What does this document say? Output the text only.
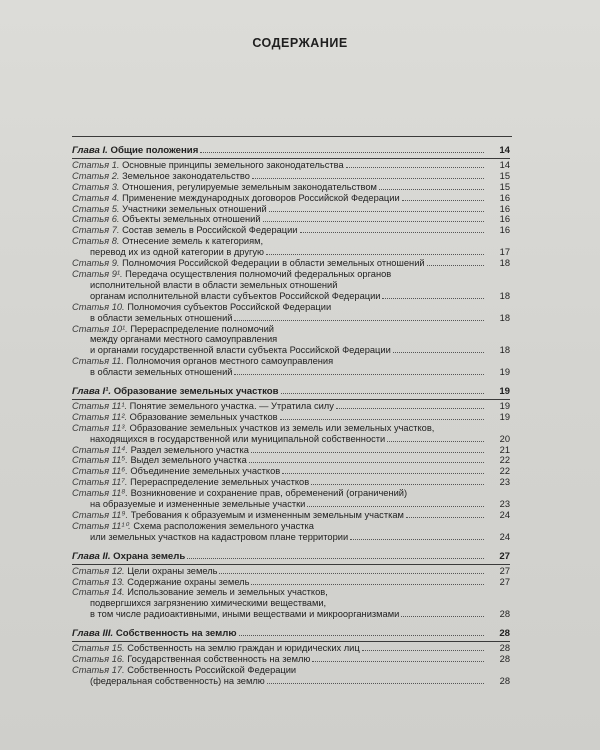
СОДЕРЖАНИЕ
Глава I. Общие положения	14
Статья 1. Основные принципы земельного законодательства	14
Статья 2. Земельное законодательство	15
Статья 3. Отношения, регулируемые земельным законодательством	15
Статья 4. Применение международных договоров Российской Федерации	16
Статья 5. Участники земельных отношений	16
Статья 6. Объекты земельных отношений	16
Статья 7. Состав земель в Российской Федерации	16
Статья 8. Отнесение земель к категориям,
перевод их из одной категории в другую	17
Статья 9. Полномочия Российской Федерации в области земельных отношений	18
Статья 9¹. Передача осуществления полномочий федеральных органов
исполнительной власти в области земельных отношений
органам исполнительной власти субъектов Российской Федерации	18
Статья 10. Полномочия субъектов Российской Федерации
в области земельных отношений	18
Статья 10¹. Перераспределение полномочий
между органами местного самоуправления
и органами государственной власти субъекта Российской Федерации	18
Статья 11. Полномочия органов местного самоуправления
в области земельных отношений	19
Глава I¹. Образование земельных участков	19
Статья 11¹. Понятие земельного участка. — Утратила силу	19
Статья 11². Образование земельных участков	19
Статья 11³. Образование земельных участков из земель или земельных участков,
находящихся в государственной или муниципальной собственности	20
Статья 11⁴. Раздел земельного участка	21
Статья 11⁵. Выдел земельного участка	22
Статья 11⁶. Объединение земельных участков	22
Статья 11⁷. Перераспределение земельных участков	23
Статья 11⁸. Возникновение и сохранение прав, обременений (ограничений)
на образуемые и измененные земельные участки	23
Статья 11⁹. Требования к образуемым и измененным земельным участкам	24
Статья 11¹⁰. Схема расположения земельного участка
или земельных участков на кадастровом плане территории	24
Глава II. Охрана земель	27
Статья 12. Цели охраны земель	27
Статья 13. Содержание охраны земель	27
Статья 14. Использование земель и земельных участков,
подвергшихся загрязнению химическими веществами,
в том числе радиоактивными, иными веществами и микроорганизмами	28
Глава III. Собственность на землю	28
Статья 15. Собственность на землю граждан и юридических лиц	28
Статья 16. Государственная собственность на землю	28
Статья 17. Собственность Российской Федерации
(федеральная собственность) на землю	28
